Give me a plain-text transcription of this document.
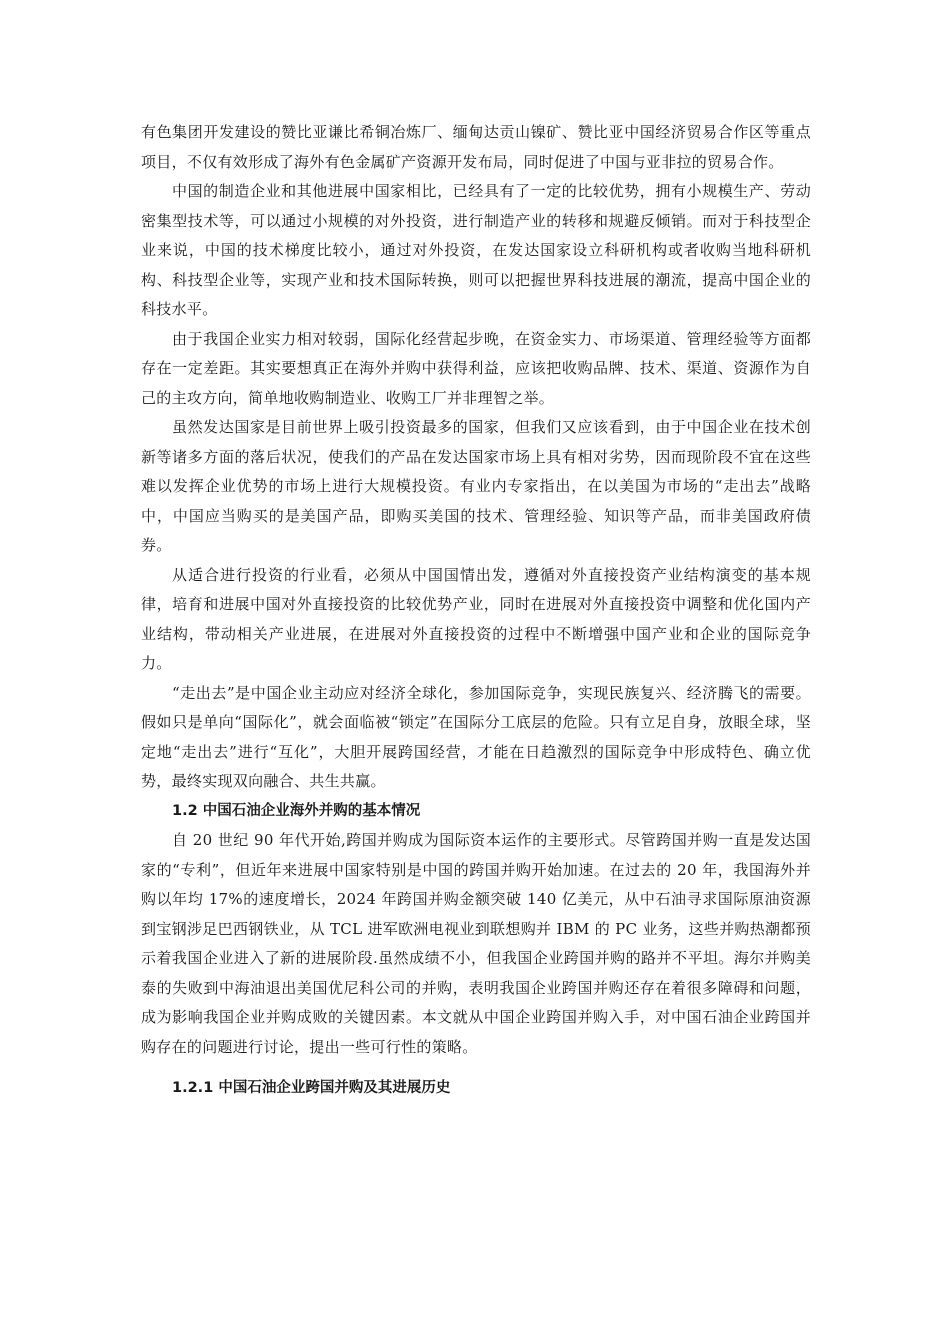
有色集团开发建设的赞比亚谦比希铜冶炼厂、缅甸达贡山镍矿、赞比亚中国经济贸易合作区等重点项目，不仅有效形成了海外有色金属矿产资源开发布局，同时促进了中国与亚非拉的贸易合作。

中国的制造企业和其他进展中国家相比，已经具有了一定的比较优势，拥有小规模生产、劳动密集型技术等，可以通过小规模的对外投资，进行制造产业的转移和规避反倾销。而对于科技型企业来说，中国的技术梯度比较小，通过对外投资，在发达国家设立科研机构或者收购当地科研机构、科技型企业等，实现产业和技术国际转换，则可以把握世界科技进展的潮流，提高中国企业的科技水平。

由于我国企业实力相对较弱，国际化经营起步晚，在资金实力、市场渠道、管理经验等方面都存在一定差距。其实要想真正在海外并购中获得利益，应该把收购品牌、技术、渠道、资源作为自己的主攻方向，简单地收购制造业、收购工厂并非理智之举。

虽然发达国家是目前世界上吸引投资最多的国家，但我们又应该看到，由于中国企业在技术创新等诸多方面的落后状况，使我们的产品在发达国家市场上具有相对劣势，因而现阶段不宜在这些难以发挥企业优势的市场上进行大规模投资。有业内专家指出，在以美国为市场的“走出去”战略中，中国应当购买的是美国产品，即购买美国的技术、管理经验、知识等产品，而非美国政府债券。

从适合进行投资的行业看，必须从中国国情出发，遵循对外直接投资产业结构演变的基本规律，培育和进展中国对外直接投资的比较优势产业，同时在进展对外直接投资中调整和优化国内产业结构，带动相关产业进展，在进展对外直接投资的过程中不断增强中国产业和企业的国际竞争力。

“走出去”是中国企业主动应对经济全球化，参加国际竞争，实现民族复兴、经济腾飞的需要。假如只是单向“国际化”，就会面临被“锁定”在国际分工底层的危险。只有立足自身，放眼全球，坚定地“走出去”进行“互化”，大胆开展跨国经营，才能在日趋激烈的国际竞争中形成特色、确立优势，最终实现双向融合、共生共赢。

1.2 中国石油企业海外并购的基本情况

自 20 世纪 90 年代开始,跨国并购成为国际资本运作的主要形式。尽管跨国并购一直是发达国家的“专利”，但近年来进展中国家特别是中国的跨国并购开始加速。在过去的 20 年，我国海外并购以年均 17%的速度增长，2024 年跨国并购金额突破 140 亿美元，从中石油寻求国际原油资源到宝钢涉足巴西钢铁业，从 TCL 进军欧洲电视业到联想购并 IBM 的 PC 业务，这些并购热潮都预示着我国企业进入了新的进展阶段.虽然成绩不小，但我国企业跨国并购的路并不平坦。海尔并购美泰的失败到中海油退出美国优尼科公司的并购，表明我国企业跨国并购还存在着很多障碍和问题，成为影响我国企业并购成败的关键因素。本文就从中国企业跨国并购入手，对中国石油企业跨国并购存在的问题进行讨论，提出一些可行性的策略。

1.2.1 中国石油企业跨国并购及其进展历史
